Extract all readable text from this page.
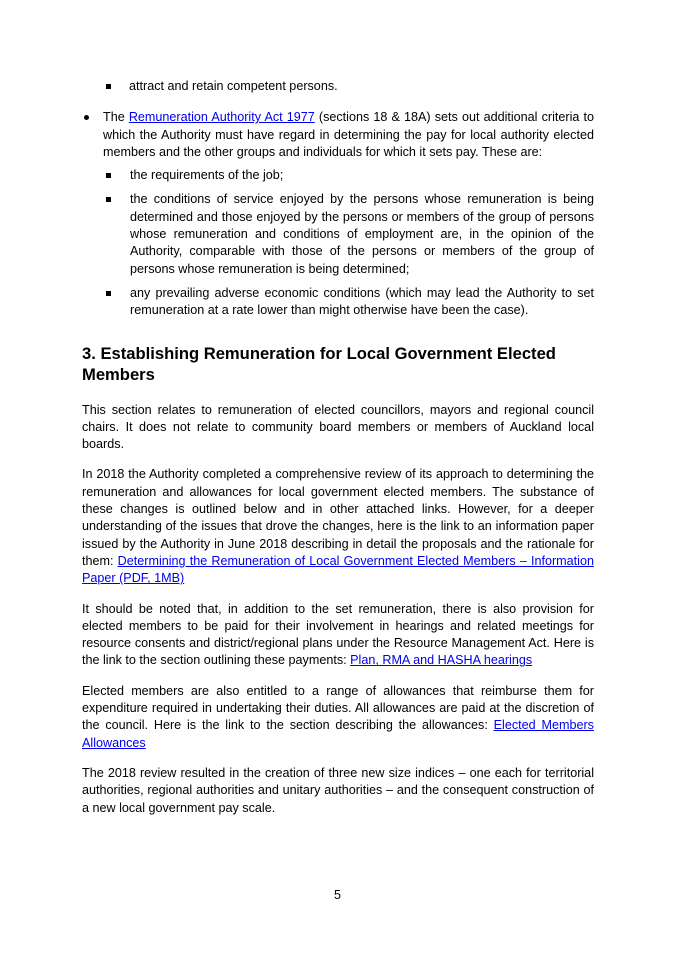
attract and retain competent persons.
The Remuneration Authority Act 1977 (sections 18 & 18A) sets out additional criteria to which the Authority must have regard in determining the pay for local authority elected members and the other groups and individuals for which it sets pay. These are:
the requirements of the job;
the conditions of service enjoyed by the persons whose remuneration is being determined and those enjoyed by the persons or members of the group of persons whose remuneration and conditions of employment are, in the opinion of the Authority, comparable with those of the persons or members of the group of persons whose remuneration is being determined;
any prevailing adverse economic conditions (which may lead the Authority to set remuneration at a rate lower than might otherwise have been the case).
3. Establishing Remuneration for Local Government Elected Members

This section relates to remuneration of elected councillors, mayors and regional council chairs. It does not relate to community board members or members of Auckland local boards.

In 2018 the Authority completed a comprehensive review of its approach to determining the remuneration and allowances for local government elected members. The substance of these changes is outlined below and in other attached links. However, for a deeper understanding of the issues that drove the changes, here is the link to an information paper issued by the Authority in June 2018 describing in detail the proposals and the rationale for them: Determining the Remuneration of Local Government Elected Members – Information Paper (PDF, 1MB)

It should be noted that, in addition to the set remuneration, there is also provision for elected members to be paid for their involvement in hearings and related meetings for resource consents and district/regional plans under the Resource Management Act. Here is the link to the section outlining these payments: Plan, RMA and HASHA hearings

Elected members are also entitled to a range of allowances that reimburse them for expenditure required in undertaking their duties. All allowances are paid at the discretion of the council. Here is the link to the section describing the allowances: Elected Members Allowances

The 2018 review resulted in the creation of three new size indices – one each for territorial authorities, regional authorities and unitary authorities – and the consequent construction of a new local government pay scale.

5
